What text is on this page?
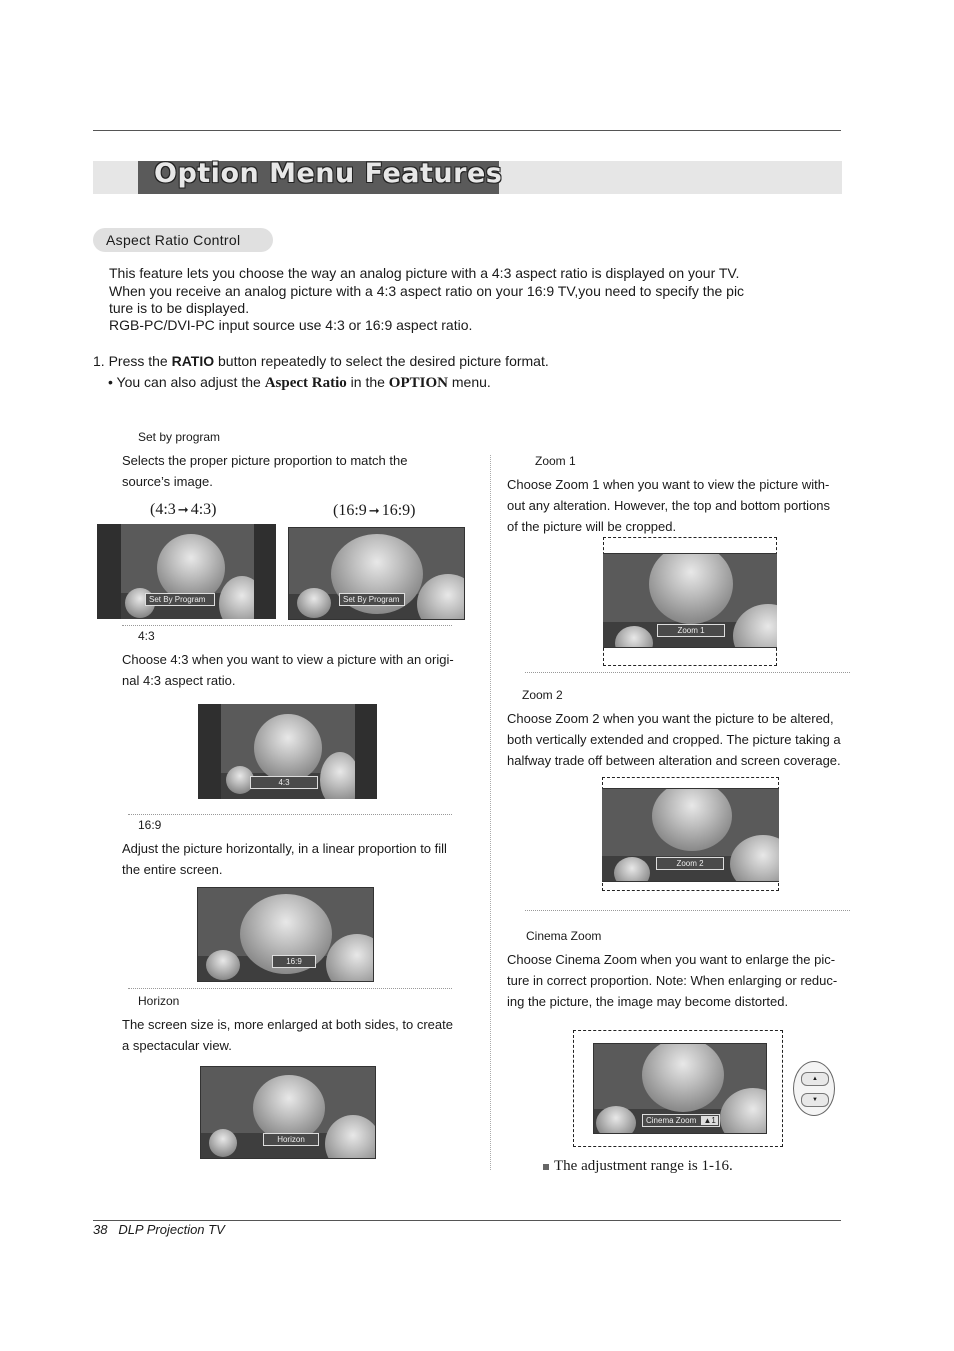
Option Menu Features
Aspect Ratio Control
This feature lets you choose the way an analog picture with a 4:3 aspect ratio is displayed on your TV.
When you receive an analog picture with a 4:3 aspect ratio on your 16:9 TV,you need to specify the pic
ture is to be displayed.
RGB-PC/DVI-PC input source use 4:3 or 16:9 aspect ratio.
1. Press the RATIO button repeatedly to select the desired picture format.
• You can also adjust the Aspect Ratio in the OPTION menu.
Set by program
Selects the proper picture proportion to match the
source’s image.
(4:3 ➞ 4:3)	(16:9 ➞ 16:9)
Set By Program	Set By Program
4:3
Choose 4:3 when you want to view a picture with an origi-
nal 4:3 aspect ratio.
4:3
16:9
Adjust the picture horizontally, in a linear proportion to fill
the entire screen.
16:9
Horizon
The screen size is, more enlarged at both sides, to create
a spectacular view.
Horizon
Zoom 1
Choose Zoom 1 when you want to view the picture with-
out any alteration. However, the top and bottom portions
of the picture will be cropped.
Zoom 1
Zoom 2
Choose Zoom 2 when you want the picture to be altered,
both vertically extended and cropped. The picture taking a
halfway trade off between alteration and screen coverage.
Zoom 2
Cinema Zoom
Choose Cinema Zoom when you want to enlarge the pic-
ture in correct proportion. Note: When enlarging or reduc-
ing the picture, the image may become distorted.
Cinema Zoom ▲1
▲
▼
The adjustment range is 1-16.
38 DLP Projection TV
